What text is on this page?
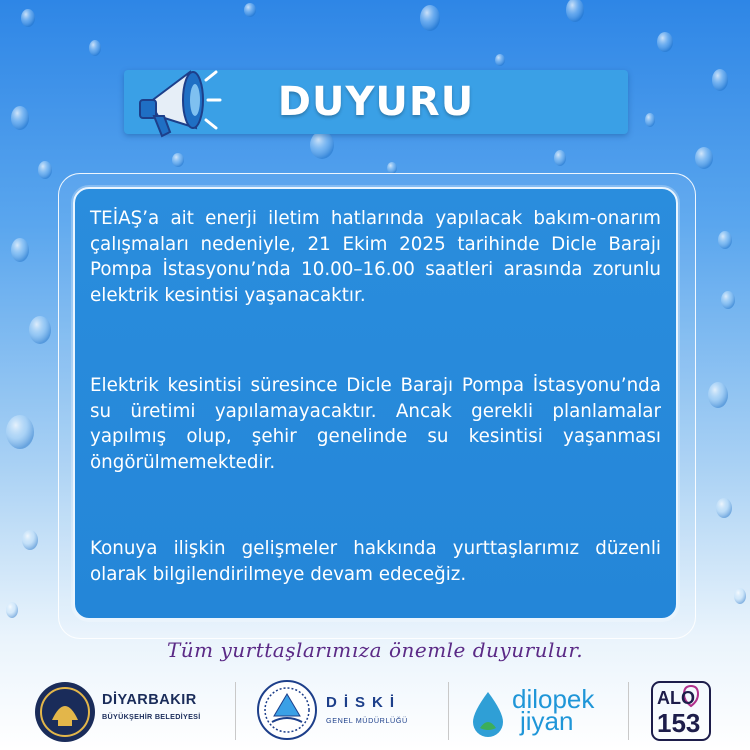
DUYURU

TEİAŞ’a ait enerji iletim hatlarında yapılacak bakım-onarım çalışmaları nedeniyle, 21 Ekim 2025 tarihinde Dicle Barajı Pompa İstasyonu’nda 10.00–16.00 saatleri arasında zorunlu elektrik kesintisi yaşanacaktır.

Elektrik kesintisi süresince Dicle Barajı Pompa İstasyonu’nda su üretimi yapılamayacaktır. Ancak gerekli planlamalar yapılmış olup, şehir genelinde su kesintisi yaşanması öngörülmemektedir.

Konuya ilişkin gelişmeler hakkında yurttaşlarımız düzenli olarak bilgilendirilmeye devam edeceğiz.

Tüm yurttaşlarımıza önemle duyurulur.
DİYARBAKIR
BÜYÜKŞEHİR BELEDİYESİ
DİSKİ
GENEL MÜDÜRLÜĞÜ
dilopek
jiyan
ALO
153
